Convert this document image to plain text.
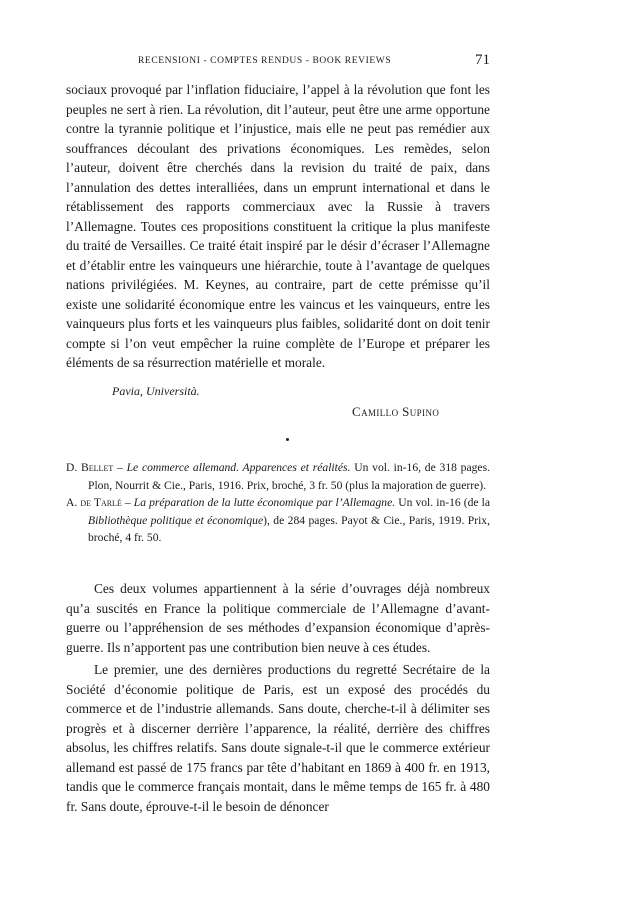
RECENSIONI - COMPTES RENDUS - BOOK REVIEWS	71

sociaux provoqué par l’inflation fiduciaire, l’appel à la révolution que font les peuples ne sert à rien. La révolution, dit l’auteur, peut être une arme opportune contre la tyrannie politique et l’injustice, mais elle ne peut pas remédier aux souffrances découlant des privations économiques. Les remèdes, selon l’auteur, doivent être cherchés dans la revision du traité de paix, dans l’annulation des dettes interalliées, dans un emprunt international et dans le rétablissement des rapports commerciaux avec la Russie à travers l’Allemagne. Toutes ces propositions constituent la critique la plus manifeste du traité de Versailles. Ce traité était inspiré par le désir d’écraser l’Allemagne et d’établir entre les vainqueurs une hiérarchie, toute à l’avantage de quelques nations privilégiées. M. Keynes, au contraire, part de cette prémisse qu’il existe une solidarité économique entre les vaincus et les vainqueurs, entre les vainqueurs plus forts et les vainqueurs plus faibles, solidarité dont on doit tenir compte si l’on veut empêcher la ruine complète de l’Europe et préparer les éléments de sa résurrection matérielle et morale.

Pavia, Università.
Camillo Supino
D. Bellet – Le commerce allemand. Apparences et réalités. Un vol. in-16, de 318 pages. Plon, Nourrit & Cie., Paris, 1916. Prix, broché, 3 fr. 50 (plus la majoration de guerre).
A. de Tarlé – La préparation de la lutte économique par l’Allemagne. Un vol. in-16 (de la Bibliothèque politique et économique), de 284 pages. Payot & Cie., Paris, 1919. Prix, broché, 4 fr. 50.

Ces deux volumes appartiennent à la série d’ouvrages déjà nombreux qu’a suscités en France la politique commerciale de l’Allemagne d’avant-guerre ou l’appréhension de ses méthodes d’expansion économique d’après-guerre. Ils n’apportent pas une contribution bien neuve à ces études.

Le premier, une des dernières productions du regretté Secrétaire de la Société d’économie politique de Paris, est un exposé des procédés du commerce et de l’industrie allemands. Sans doute, cherche-t-il à délimiter ses progrès et à discerner derrière l’apparence, la réalité, derrière des chiffres absolus, les chiffres relatifs. Sans doute signale-t-il que le commerce extérieur allemand est passé de 175 francs par tête d’habitant en 1869 à 400 fr. en 1913, tandis que le commerce français montait, dans le même temps de 165 fr. à 480 fr. Sans doute, éprouve-t-il le besoin de dénoncer
